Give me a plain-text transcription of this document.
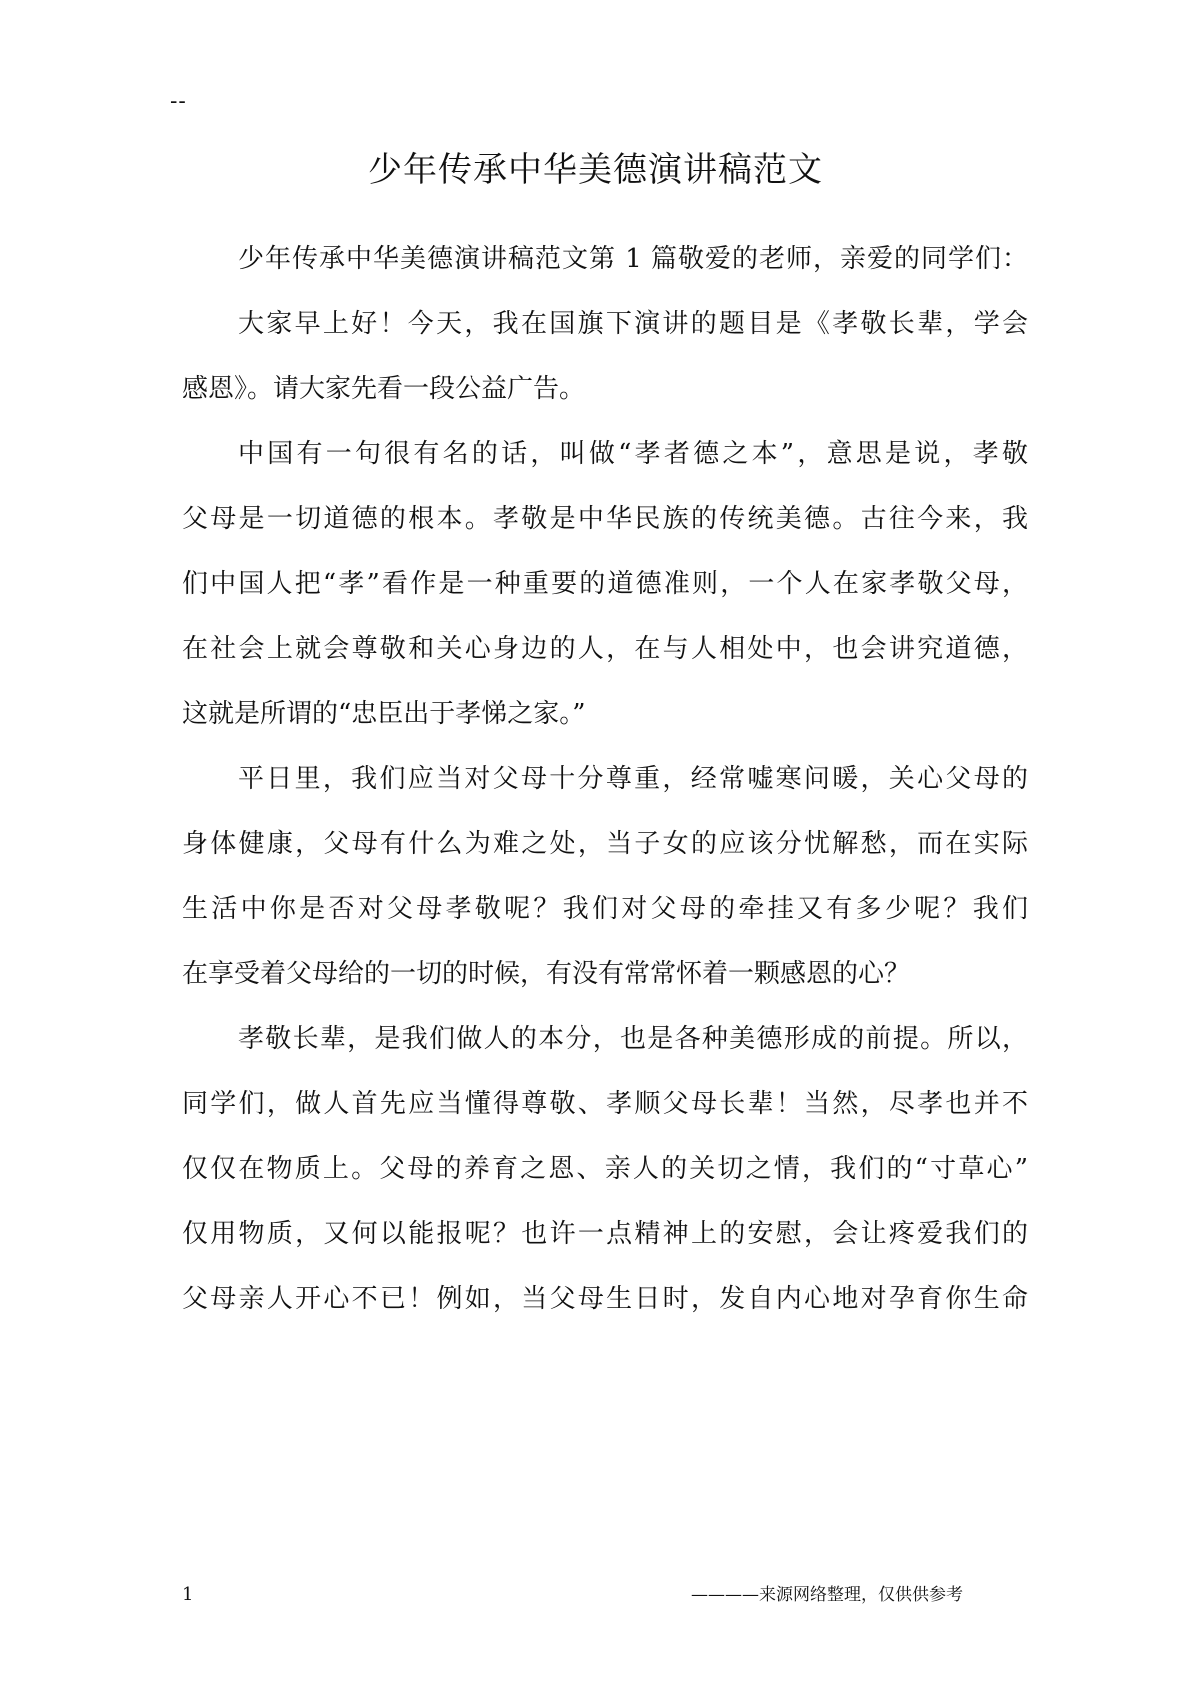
--
少年传承中华美德演讲稿范文
少年传承中华美德演讲稿范文第 1 篇敬爱的老师，亲爱的同学们：
大家早上好！今天，我在国旗下演讲的题目是《孝敬长辈，学会
感恩》。请大家先看一段公益广告。
中国有一句很有名的话，叫做“孝者德之本”，意思是说，孝敬
父母是一切道德的根本。孝敬是中华民族的传统美德。古往今来，我
们中国人把“孝”看作是一种重要的道德准则，一个人在家孝敬父母，
在社会上就会尊敬和关心身边的人，在与人相处中，也会讲究道德，
这就是所谓的“忠臣出于孝悌之家。”
平日里，我们应当对父母十分尊重，经常嘘寒问暖，关心父母的
身体健康，父母有什么为难之处，当子女的应该分忧解愁，而在实际
生活中你是否对父母孝敬呢？我们对父母的牵挂又有多少呢？我们
在享受着父母给的一切的时候，有没有常常怀着一颗感恩的心？
孝敬长辈，是我们做人的本分，也是各种美德形成的前提。所以，
同学们，做人首先应当懂得尊敬、孝顺父母长辈！当然，尽孝也并不
仅仅在物质上。父母的养育之恩、亲人的关切之情，我们的“寸草心”
仅用物质，又何以能报呢？也许一点精神上的安慰，会让疼爱我们的
父母亲人开心不已！例如，当父母生日时，发自内心地对孕育你生命
1	————来源网络整理，仅供供参考
